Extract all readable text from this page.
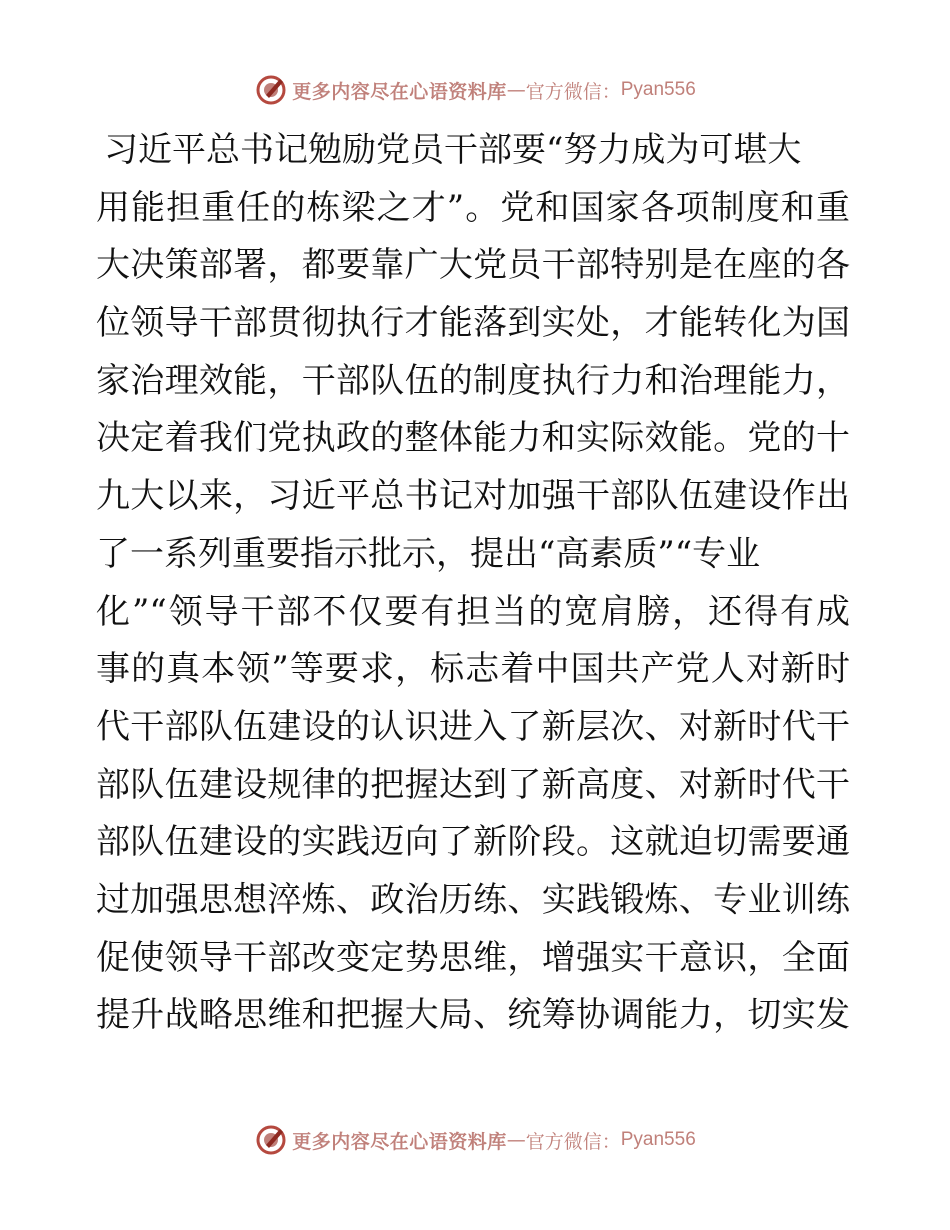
更多内容尽在心语资料库 — 官方微信： Pyan556
习近平总书记勉励党员干部要“努力成为可堪大
用能担重任的栋梁之才”。党和国家各项制度和重
大决策部署，都要靠广大党员干部特别是在座的各
位领导干部贯彻执行才能落到实处，才能转化为国
家治理效能，干部队伍的制度执行力和治理能力，
决定着我们党执政的整体能力和实际效能。党的十
九大以来，习近平总书记对加强干部队伍建设作出
了一系列重要指示批示，提出“高素质”“专业
化”“领导干部不仅要有担当的宽肩膀，还得有成
事的真本领”等要求，标志着中国共产党人对新时
代干部队伍建设的认识进入了新层次、对新时代干
部队伍建设规律的把握达到了新高度、对新时代干
部队伍建设的实践迈向了新阶段。这就迫切需要通
过加强思想淬炼、政治历练、实践锻炼、专业训练
促使领导干部改变定势思维，增强实干意识，全面
提升战略思维和把握大局、统筹协调能力，切实发
更多内容尽在心语资料库 — 官方微信： Pyan556
